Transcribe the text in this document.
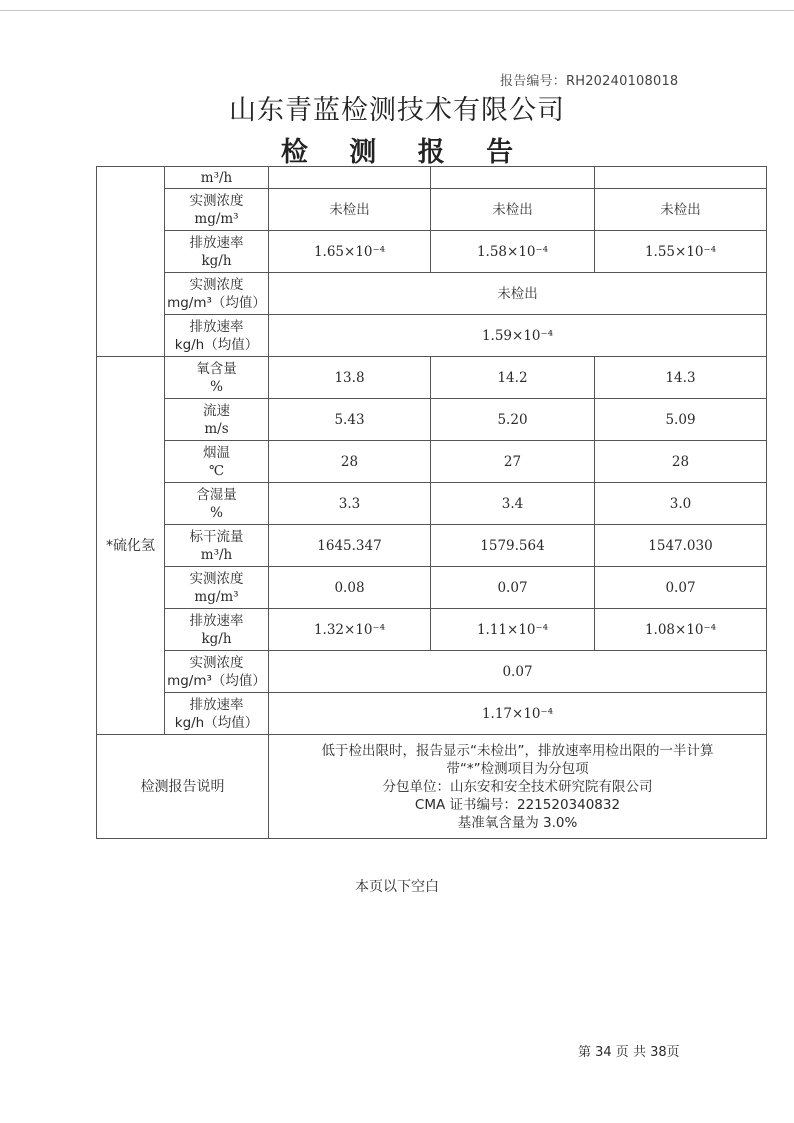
报告编号：RH20240108018
山东青蓝检测技术有限公司
检 测 报 告

	m³/h			

	实测浓度
mg/m³	未检出	未检出	未检出

	排放速率
kg/h	1.65×10⁻⁴	1.58×10⁻⁴	1.55×10⁻⁴

	实测浓度
mg/m³（均值）	未检出		

	排放速率
kg/h（均值）	1.59×10⁻⁴		
*硫化氢	氧含量
%	13.8	14.2	14.3

	流速
m/s	5.43	5.20	5.09

	烟温
℃	28	27	28

	含湿量
%	3.3	3.4	3.0

	标干流量
m³/h	1645.347	1579.564	1547.030

	实测浓度
mg/m³	0.08	0.07	0.07

	排放速率
kg/h	1.32×10⁻⁴	1.11×10⁻⁴	1.08×10⁻⁴

	实测浓度
mg/m³（均值）	0.07		

	排放速率
kg/h（均值）	1.17×10⁻⁴		
检测报告说明		低于检出限时，报告显示“未检出”，排放速率用检出限的一半计算
带“*”检测项目为分包项
分包单位：山东安和安全技术研究院有限公司
CMA 证书编号：221520340832
基准氧含量为 3.0%		
本页以下空白
第 34 页 共 38页
